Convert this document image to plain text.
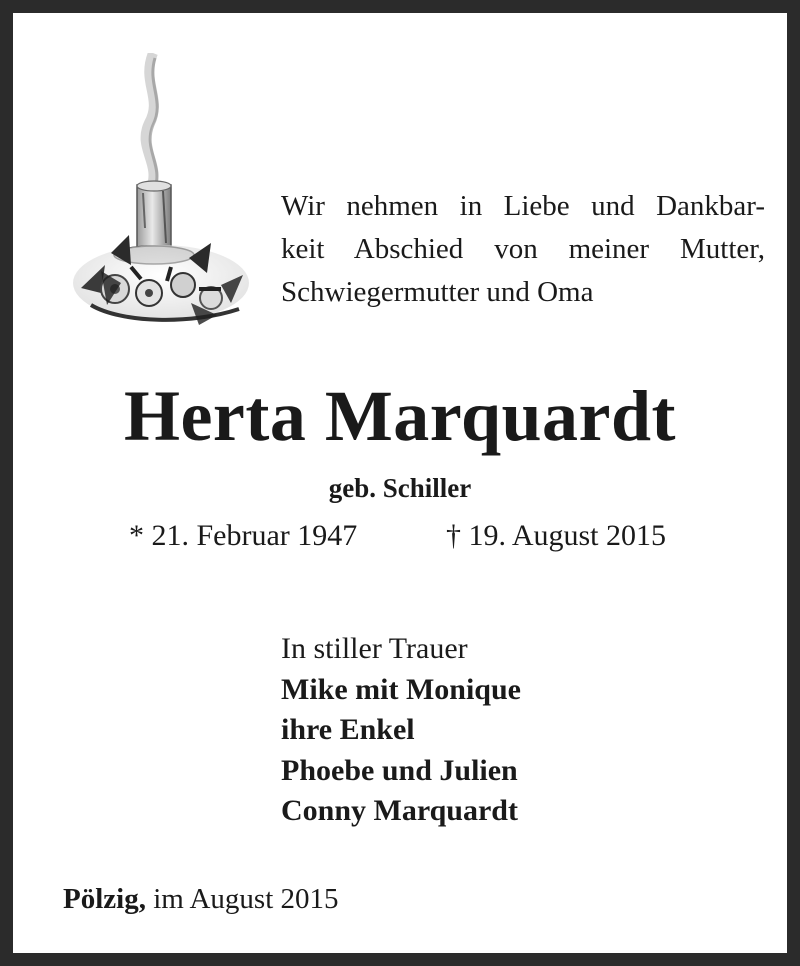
Wir nehmen in Liebe und Dankbar-
keit Abschied von meiner Mutter,
Schwiegermutter und Oma
Herta Marquardt
geb. Schiller
* 21. Februar 1947	† 19. August 2015
In stiller Trauer
Mike mit Monique
ihre Enkel
Phoebe und Julien
Conny Marquardt
Pölzig, im August 2015
